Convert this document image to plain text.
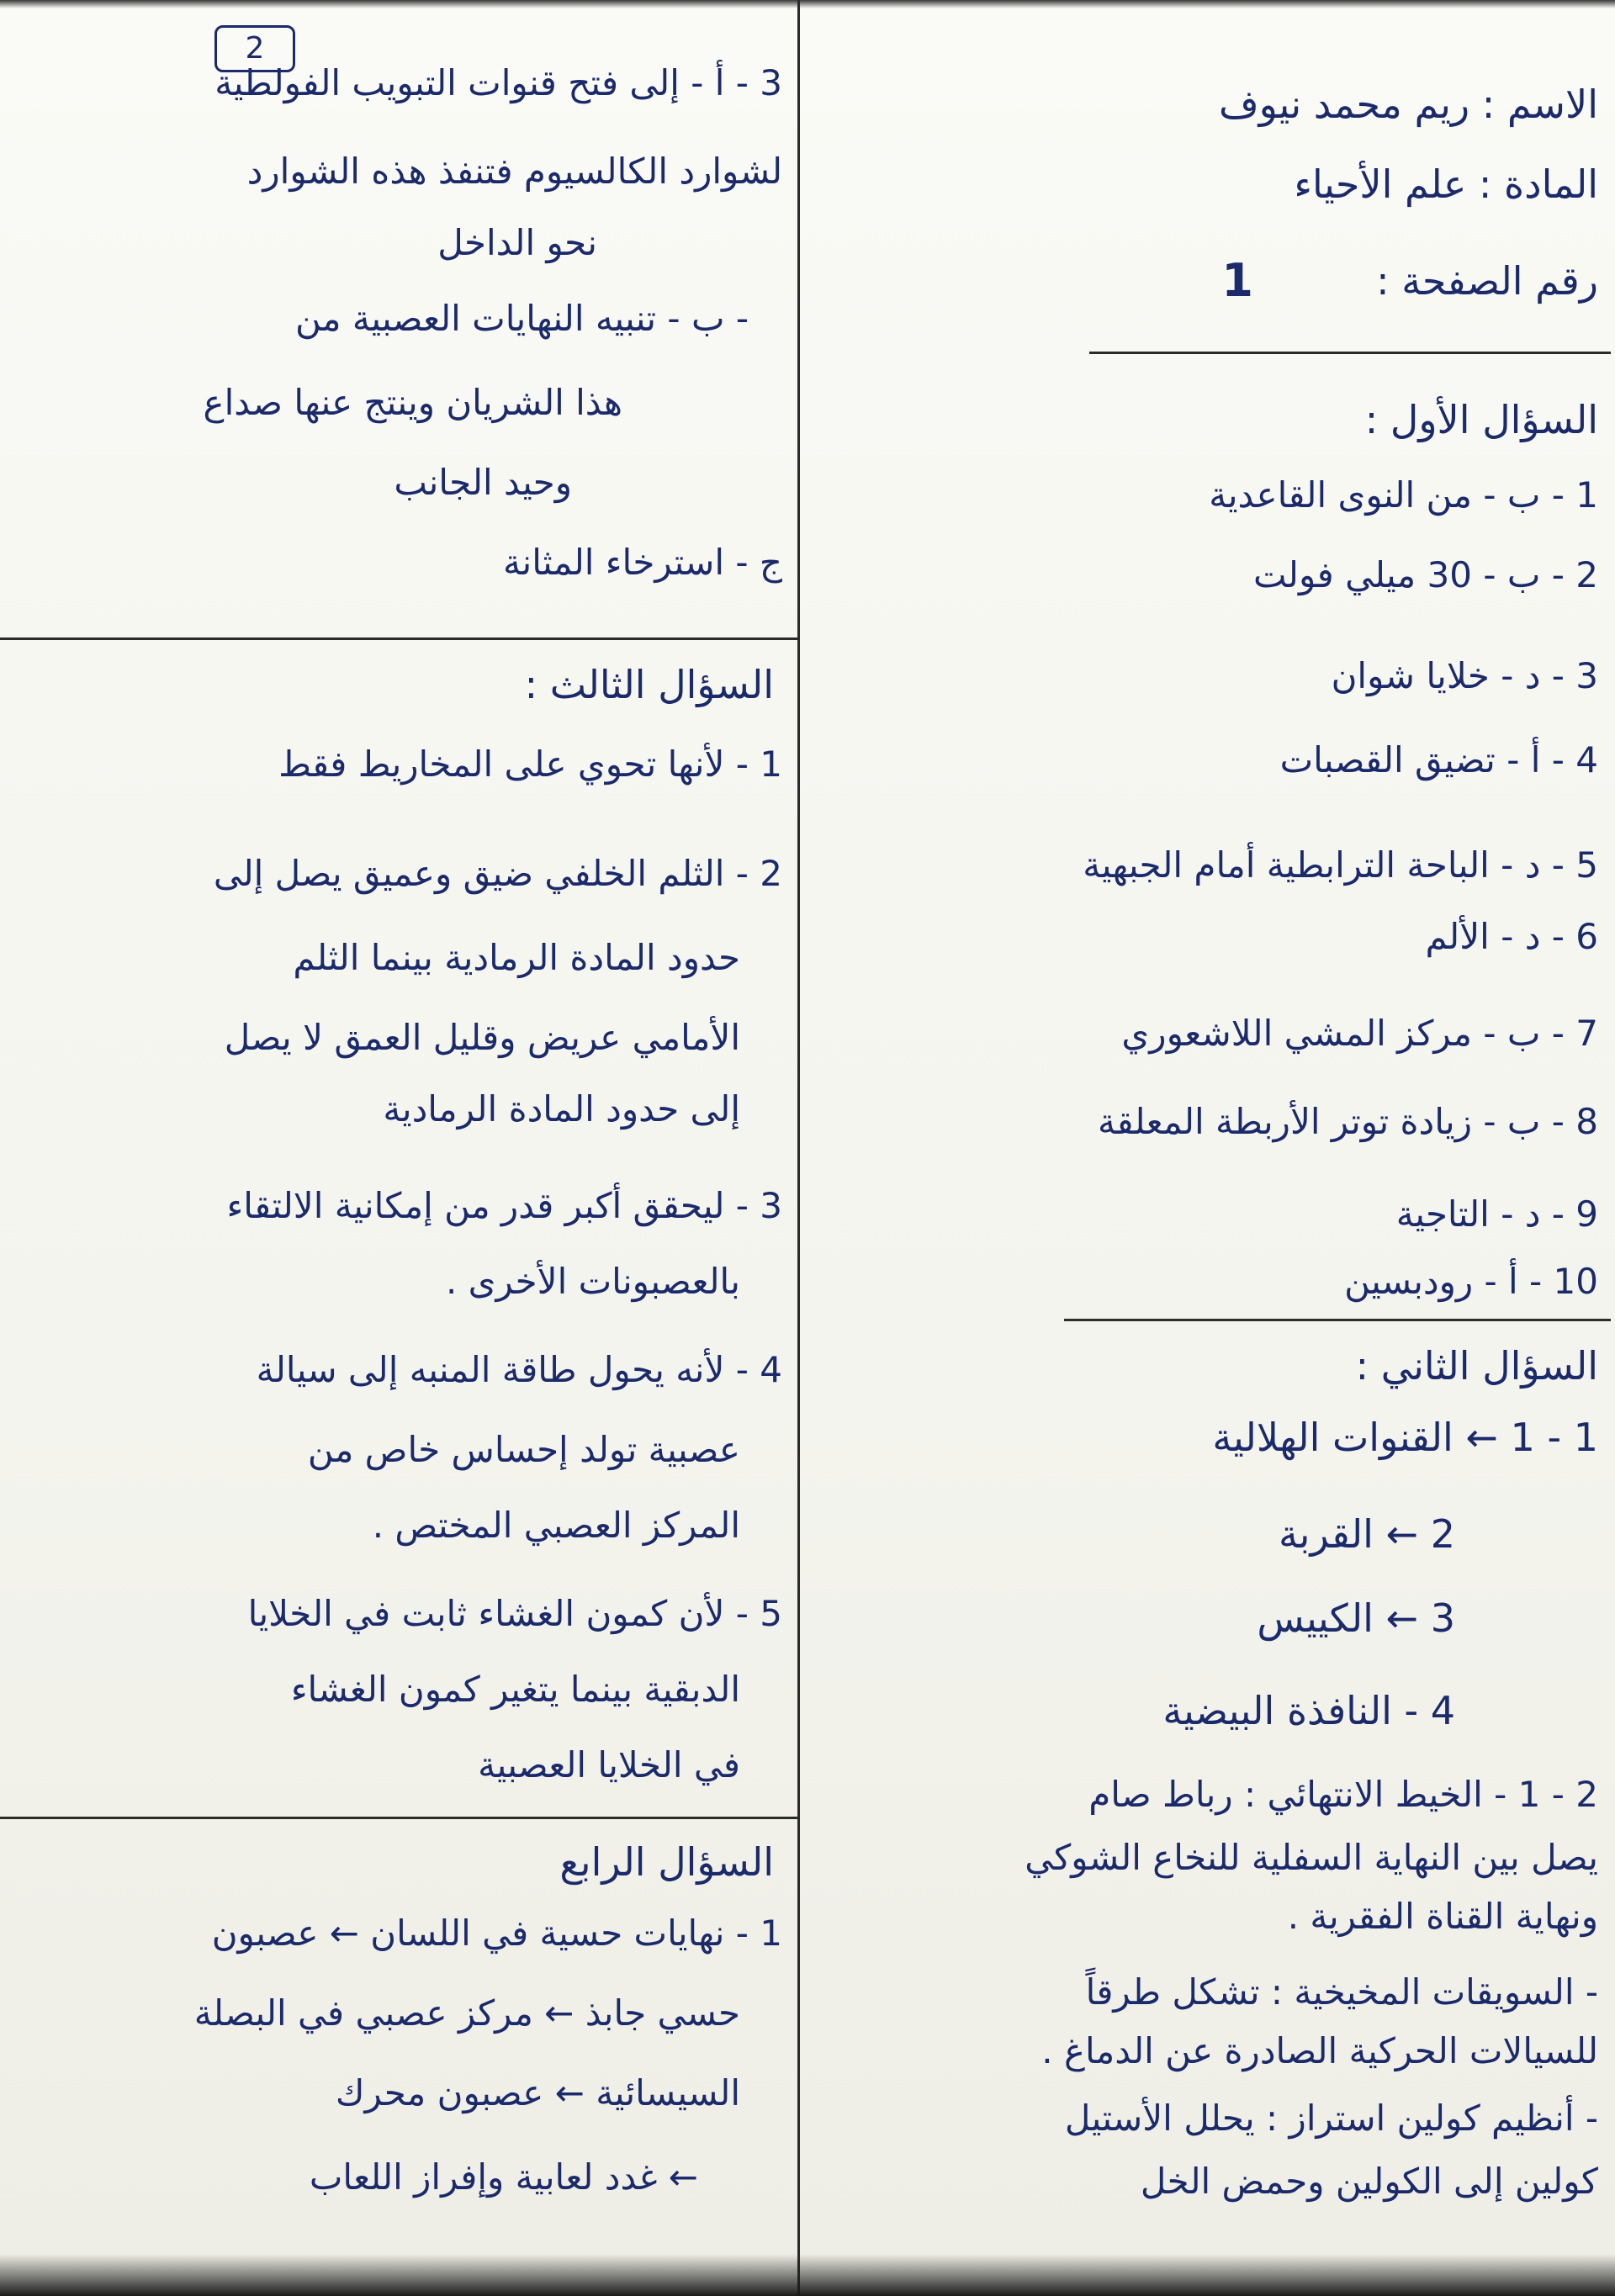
الاسم : ريم محمد نيوف
المادة : علم الأحياء
رقم الصفحة :
1
السؤال الأول :
1 - ب - من النوى القاعدية
2 - ب - 30 ميلي فولت
3 - د - خلايا شوان
4 - أ - تضيق القصبات
5 - د - الباحة الترابطية أمام الجبهية
6 - د - الألم
7 - ب - مركز المشي اللاشعوري
8 - ب - زيادة توتر الأربطة المعلقة
9 - د - التاجية
10 - أ - رودبسين
السؤال الثاني :
1 - 1 ← القنوات الهلالية
2 ← القربة
3 ← الكييس
4 - النافذة البيضية
2 - 1 - الخيط الانتهائي : رباط صام
يصل بين النهاية السفلية للنخاع الشوكي
ونهاية القناة الفقرية .
- السويقات المخيخية : تشكل طرقاً
للسيالات الحركية الصادرة عن الدماغ .
- أنظيم كولين استراز : يحلل الأستيل
كولين إلى الكولين وحمض الخل
2
3 - أ - إلى فتح قنوات التبويب الفولطية
لشوارد الكالسيوم فتنفذ هذه الشوارد
نحو الداخل
- ب - تنبيه النهايات العصبية من
هذا الشريان وينتج عنها صداع
وحيد الجانب
ج - استرخاء المثانة
السؤال الثالث :
1 - لأنها تحوي على المخاريط فقط
2 - الثلم الخلفي ضيق وعميق يصل إلى
حدود المادة الرمادية بينما الثلم
الأمامي عريض وقليل العمق لا يصل
إلى حدود المادة الرمادية
3 - ليحقق أكبر قدر من إمكانية الالتقاء
بالعصبونات الأخرى .
4 - لأنه يحول طاقة المنبه إلى سيالة
عصبية تولد إحساس خاص من
المركز العصبي المختص .
5 - لأن كمون الغشاء ثابت في الخلايا
الدبقية بينما يتغير كمون الغشاء
في الخلايا العصبية
السؤال الرابع
1 - نهايات حسية في اللسان ← عصبون
حسي جابذ ← مركز عصبي في البصلة
السيسائية ← عصبون محرك
← غدد لعابية وإفراز اللعاب
